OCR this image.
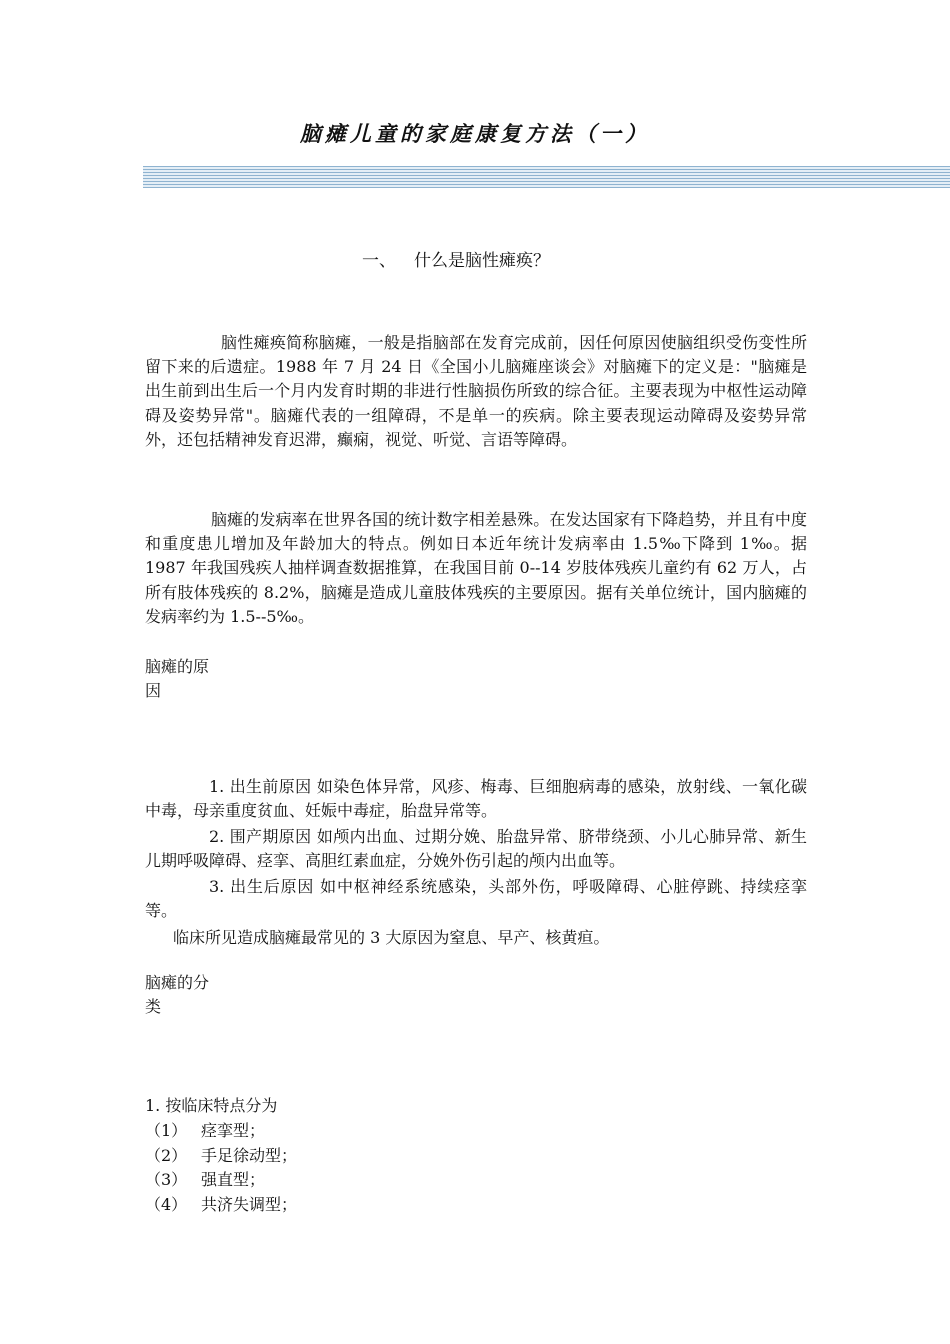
脑瘫儿童的家庭康复方法（一）
一、 什么是脑性瘫痪？

脑性瘫痪简称脑瘫，一般是指脑部在发育完成前，因任何原因使脑组织受伤变性所留下来的后遗症。1988 年 7 月 24 日《全国小儿脑瘫座谈会》对脑瘫下的定义是："脑瘫是出生前到出生后一个月内发育时期的非进行性脑损伤所致的综合征。主要表现为中枢性运动障碍及姿势异常"。脑瘫代表的一组障碍，不是单一的疾病。除主要表现运动障碍及姿势异常外，还包括精神发育迟滞，癫痫，视觉、听觉、言语等障碍。

脑瘫的发病率在世界各国的统计数字相差悬殊。在发达国家有下降趋势，并且有中度和重度患儿增加及年龄加大的特点。例如日本近年统计发病率由 1.5‰下降到 1‰。据 1987 年我国残疾人抽样调查数据推算，在我国目前 0--14 岁肢体残疾儿童约有 62 万人，占所有肢体残疾的 8.2%，脑瘫是造成儿童肢体残疾的主要原因。据有关单位统计，国内脑瘫的发病率约为 1.5--5‰。

脑瘫的原
因

1. 出生前原因 如染色体异常，风疹、梅毒、巨细胞病毒的感染，放射线、一氧化碳中毒，母亲重度贫血、妊娠中毒症，胎盘异常等。

2. 围产期原因 如颅内出血、过期分娩、胎盘异常、脐带绕颈、小儿心肺异常、新生儿期呼吸障碍、痉挛、高胆红素血症，分娩外伤引起的颅内出血等。

3. 出生后原因 如中枢神经系统感染，头部外伤，呼吸障碍、心脏停跳、持续痉挛等。

临床所见造成脑瘫最常见的 3 大原因为窒息、早产、核黄疸。
脑瘫的分
类
1. 按临床特点分为
（1） 痉挛型；
（2） 手足徐动型；
（3） 强直型；
（4） 共济失调型；
